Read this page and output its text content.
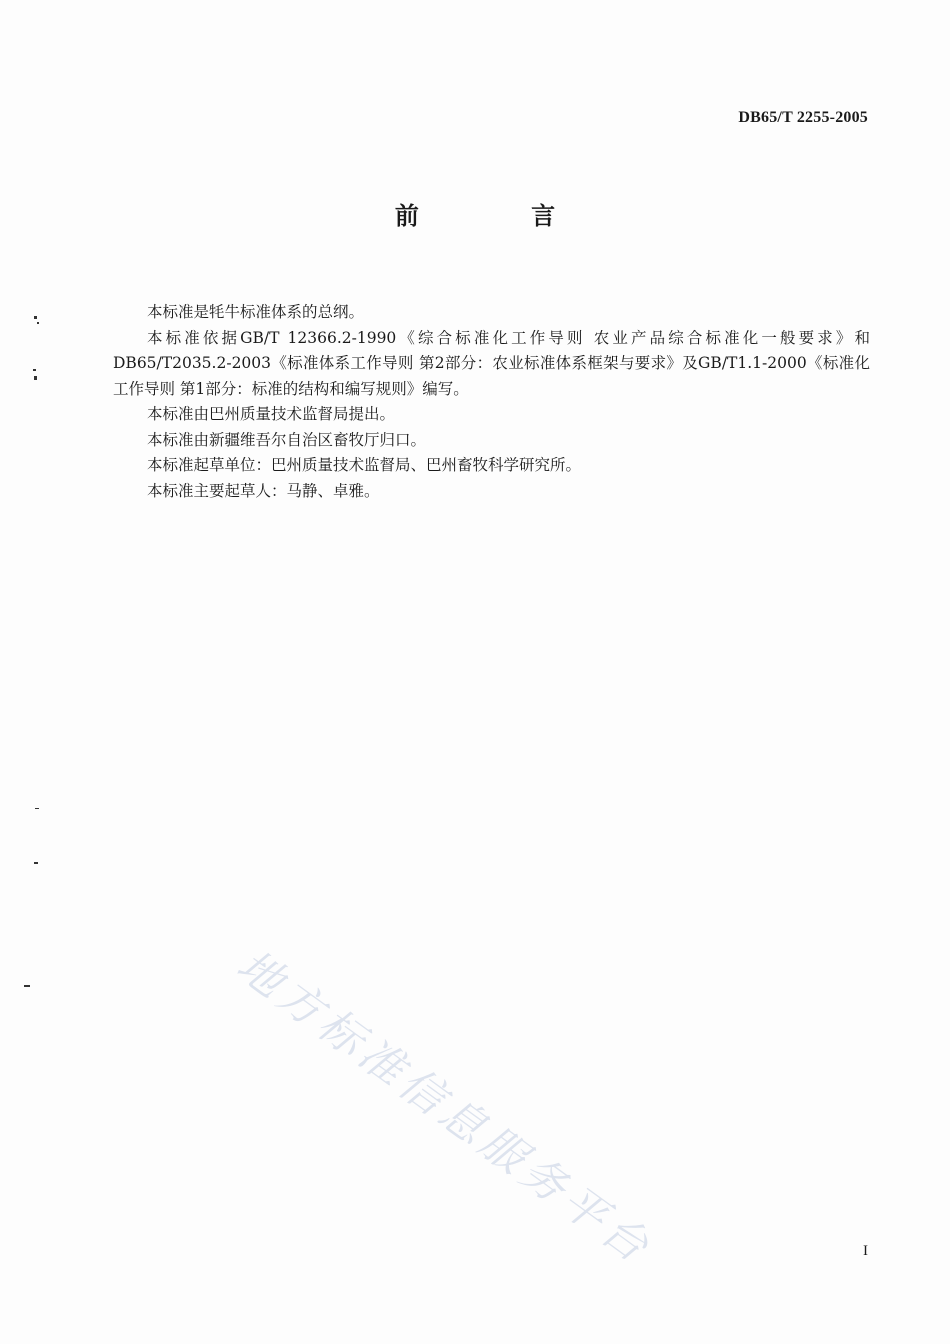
DB65/T 2255-2005
前 言

本标准是牦牛标准体系的总纲。

本标准依据GB/T 12366.2-1990《综合标准化工作导则 农业产品综合标准化一般要求》和DB65/T2035.2-2003《标准体系工作导则 第2部分：农业标准体系框架与要求》及GB/T1.1-2000《标准化工作导则 第1部分：标准的结构和编写规则》编写。

本标准由巴州质量技术监督局提出。

本标准由新疆维吾尔自治区畜牧厅归口。

本标准起草单位：巴州质量技术监督局、巴州畜牧科学研究所。

本标准主要起草人：马静、卓雅。

地方标准信息服务平台	I
